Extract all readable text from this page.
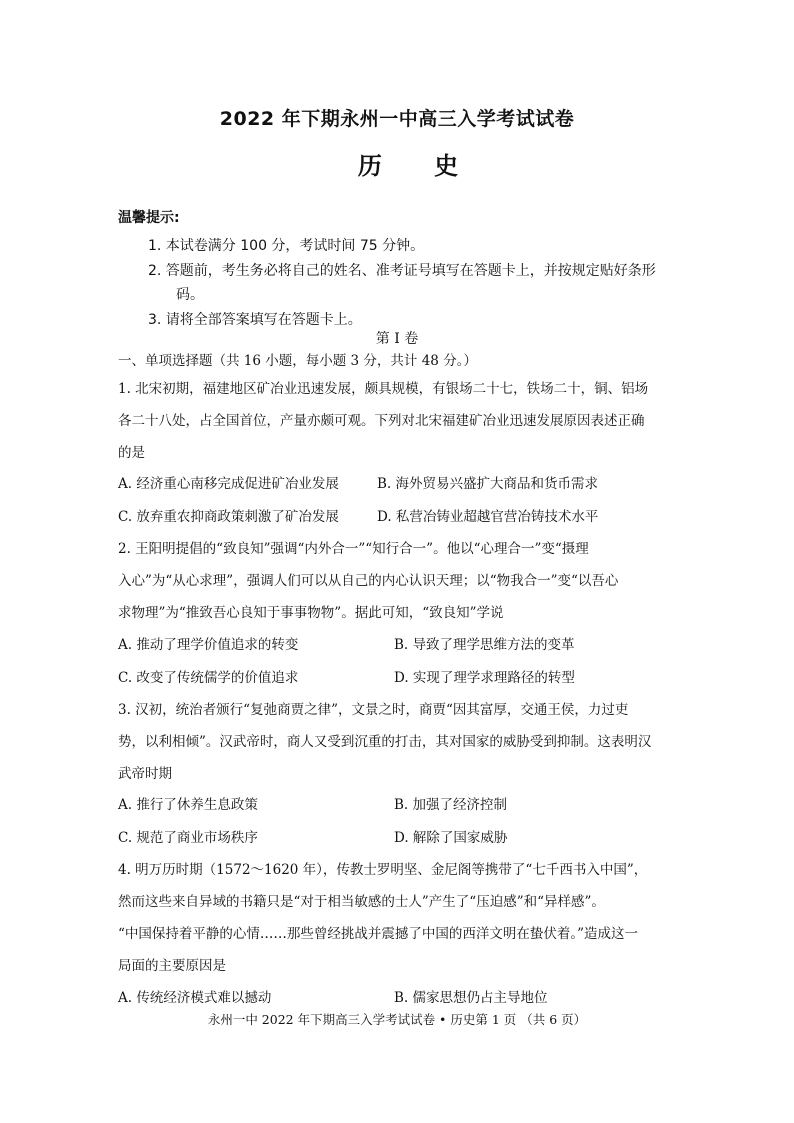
2022 年下期永州一中高三入学考试试卷
历 史
温馨提示:
1. 本试卷满分 100 分，考试时间 75 分钟。
2. 答题前，考生务必将自己的姓名、准考证号填写在答题卡上，并按规定贴好条形
码。
3. 请将全部答案填写在答题卡上。
第 I 卷
一、单项选择题（共 16 小题，每小题 3 分，共计 48 分。）
1. 北宋初期，福建地区矿冶业迅速发展，颇具规模，有银场二十七，铁场二十，铜、铝场
各二十八处，占全国首位，产量亦颇可观。下列对北宋福建矿冶业迅速发展原因表述正确
的是
A. 经济重心南移完成促进矿冶业发展	B. 海外贸易兴盛扩大商品和货币需求
C. 放弃重农抑商政策刺激了矿冶发展	D. 私营冶铸业超越官营冶铸技术水平
2. 王阳明提倡的“致良知”强调“内外合一”“知行合一”。他以“心理合一”变“摄理
入心”为“从心求理”，强调人们可以从自己的内心认识天理；以“物我合一”变“以吾心
求物理”为“推致吾心良知于事事物物”。据此可知，“致良知”学说
A. 推动了理学价值追求的转变	B. 导致了理学思维方法的变革
C. 改变了传统儒学的价值追求	D. 实现了理学求理路径的转型
3. 汉初，统治者颁行“复弛商贾之律”，文景之时，商贾“因其富厚，交通王侯，力过吏
势，以利相倾”。汉武帝时，商人又受到沉重的打击，其对国家的威胁受到抑制。这表明汉
武帝时期
A. 推行了休养生息政策	B. 加强了经济控制
C. 规范了商业市场秩序	D. 解除了国家威胁
4. 明万历时期（1572～1620 年），传教士罗明坚、金尼阁等携带了“七千西书入中国”，
然而这些来自异域的书籍只是“对于相当敏感的士人”产生了“压迫感”和“异样感”。
“中国保持着平静的心情……那些曾经挑战并震撼了中国的西洋文明在蛰伏着。”造成这一
局面的主要原因是
A. 传统经济模式难以撼动	B. 儒家思想仍占主导地位
永州一中 2022 年下期高三入学考试试卷 • 历史第 1 页 （共 6 页）
